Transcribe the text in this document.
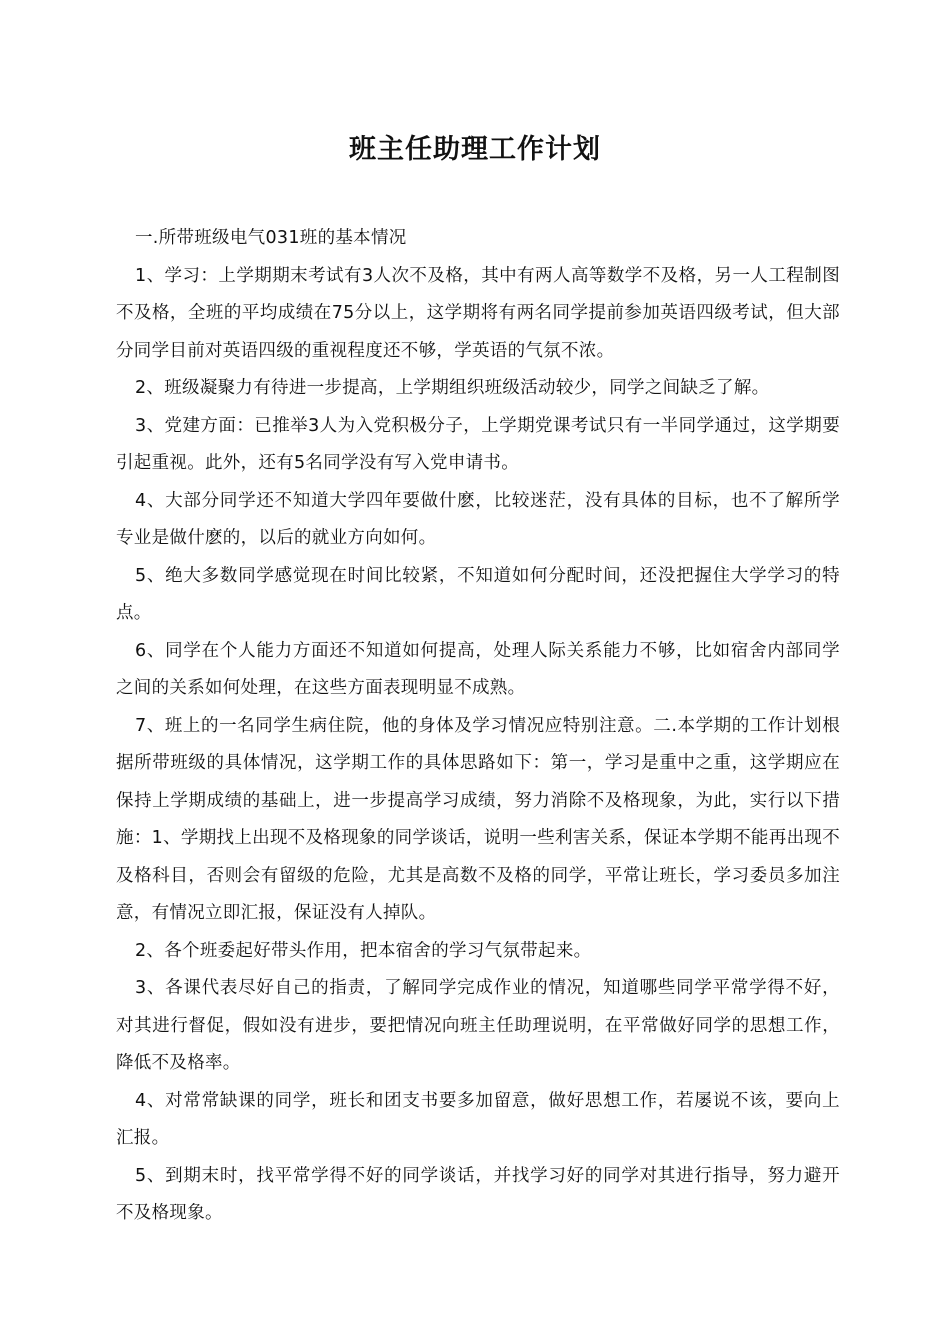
班主任助理工作计划

一.所带班级电气031班的基本情况

1、学习：上学期期末考试有3人次不及格，其中有两人高等数学不及格，另一人工程制图不及格，全班的平均成绩在75分以上，这学期将有两名同学提前参加英语四级考试，但大部分同学目前对英语四级的重视程度还不够，学英语的气氛不浓。

2、班级凝聚力有待进一步提高，上学期组织班级活动较少，同学之间缺乏了解。

3、党建方面：已推举3人为入党积极分子，上学期党课考试只有一半同学通过，这学期要引起重视。此外，还有5名同学没有写入党申请书。

4、大部分同学还不知道大学四年要做什麽，比较迷茫，没有具体的目标，也不了解所学专业是做什麽的，以后的就业方向如何。

5、绝大多数同学感觉现在时间比较紧，不知道如何分配时间，还没把握住大学学习的特点。

6、同学在个人能力方面还不知道如何提高，处理人际关系能力不够，比如宿舍内部同学之间的关系如何处理，在这些方面表现明显不成熟。

7、班上的一名同学生病住院，他的身体及学习情况应特别注意。二.本学期的工作计划根据所带班级的具体情况，这学期工作的具体思路如下：第一，学习是重中之重，这学期应在保持上学期成绩的基础上，进一步提高学习成绩，努力消除不及格现象，为此，实行以下措施：1、学期找上出现不及格现象的同学谈话，说明一些利害关系，保证本学期不能再出现不及格科目，否则会有留级的危险，尤其是高数不及格的同学，平常让班长，学习委员多加注意，有情况立即汇报，保证没有人掉队。

2、各个班委起好带头作用，把本宿舍的学习气氛带起来。

3、各课代表尽好自己的指责，了解同学完成作业的情况，知道哪些同学平常学得不好，对其进行督促，假如没有进步，要把情况向班主任助理说明，在平常做好同学的思想工作，降低不及格率。

4、对常常缺课的同学，班长和团支书要多加留意，做好思想工作，若屡说不该，要向上汇报。

5、到期末时，找平常学得不好的同学谈话，并找学习好的同学对其进行指导，努力避开不及格现象。
